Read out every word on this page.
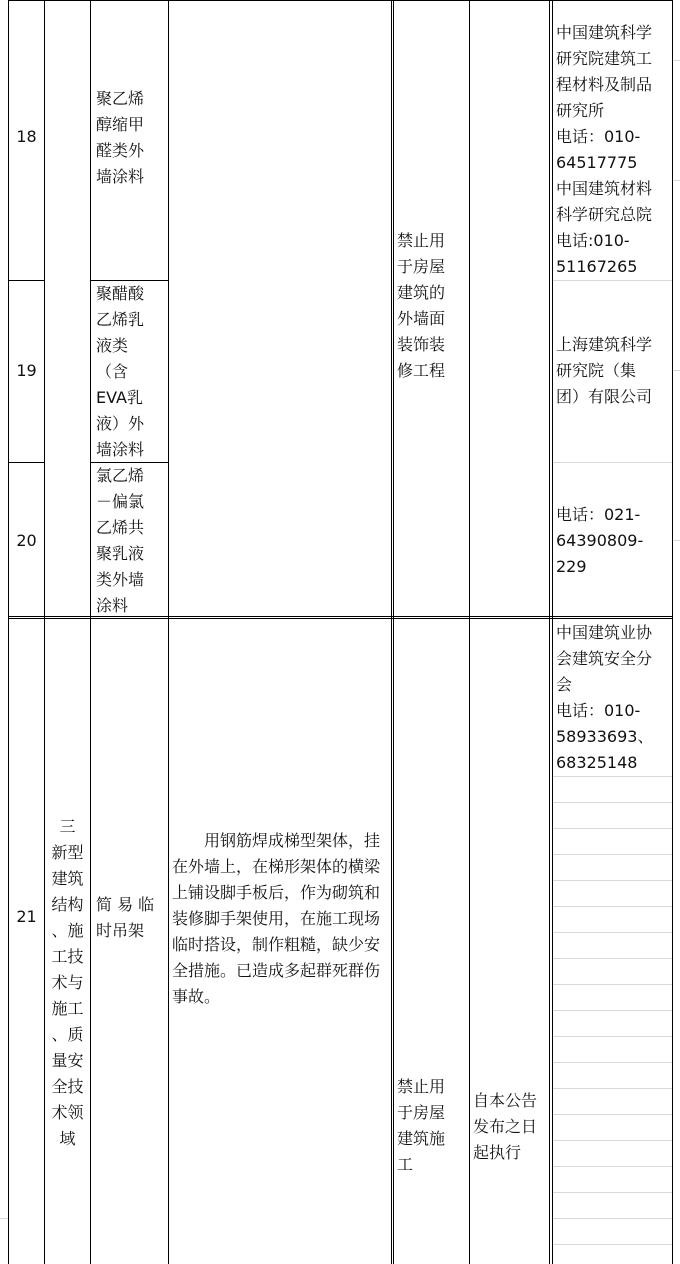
18
聚乙烯
醇缩甲
醛类外
墙涂料
19
聚醋酸
乙烯乳
液类
（含
EVA乳
液）外
墙涂料
20
氯乙烯
－偏氯
乙烯共
聚乳液
类外墙
涂料
禁止用
于房屋
建筑的
外墙面
装饰装
修工程
中国建筑科学
研究院建筑工
程材料及制品
研究所
电话：010-
64517775
中国建筑材料
科学研究总院
电话:010-
51167265
上海建筑科学
研究院（集
团）有限公司
电话：021-
64390809-
229
21
三
新型
建筑
结构
、施
工技
术与
施工
、质
量安
全技
术领
域
简 易 临
时吊架
　　用钢筋焊成梯型架体，挂在外墙上，在梯形架体的横梁上铺设脚手板后，作为砌筑和装修脚手架使用，在施工现场临时搭设，制作粗糙，缺少安全措施。已造成多起群死群伤事故。
禁止用
于房屋
建筑施
工
自本公告
发布之日
起执行
中国建筑业协
会建筑安全分
会
电话：010-
58933693、
68325148
